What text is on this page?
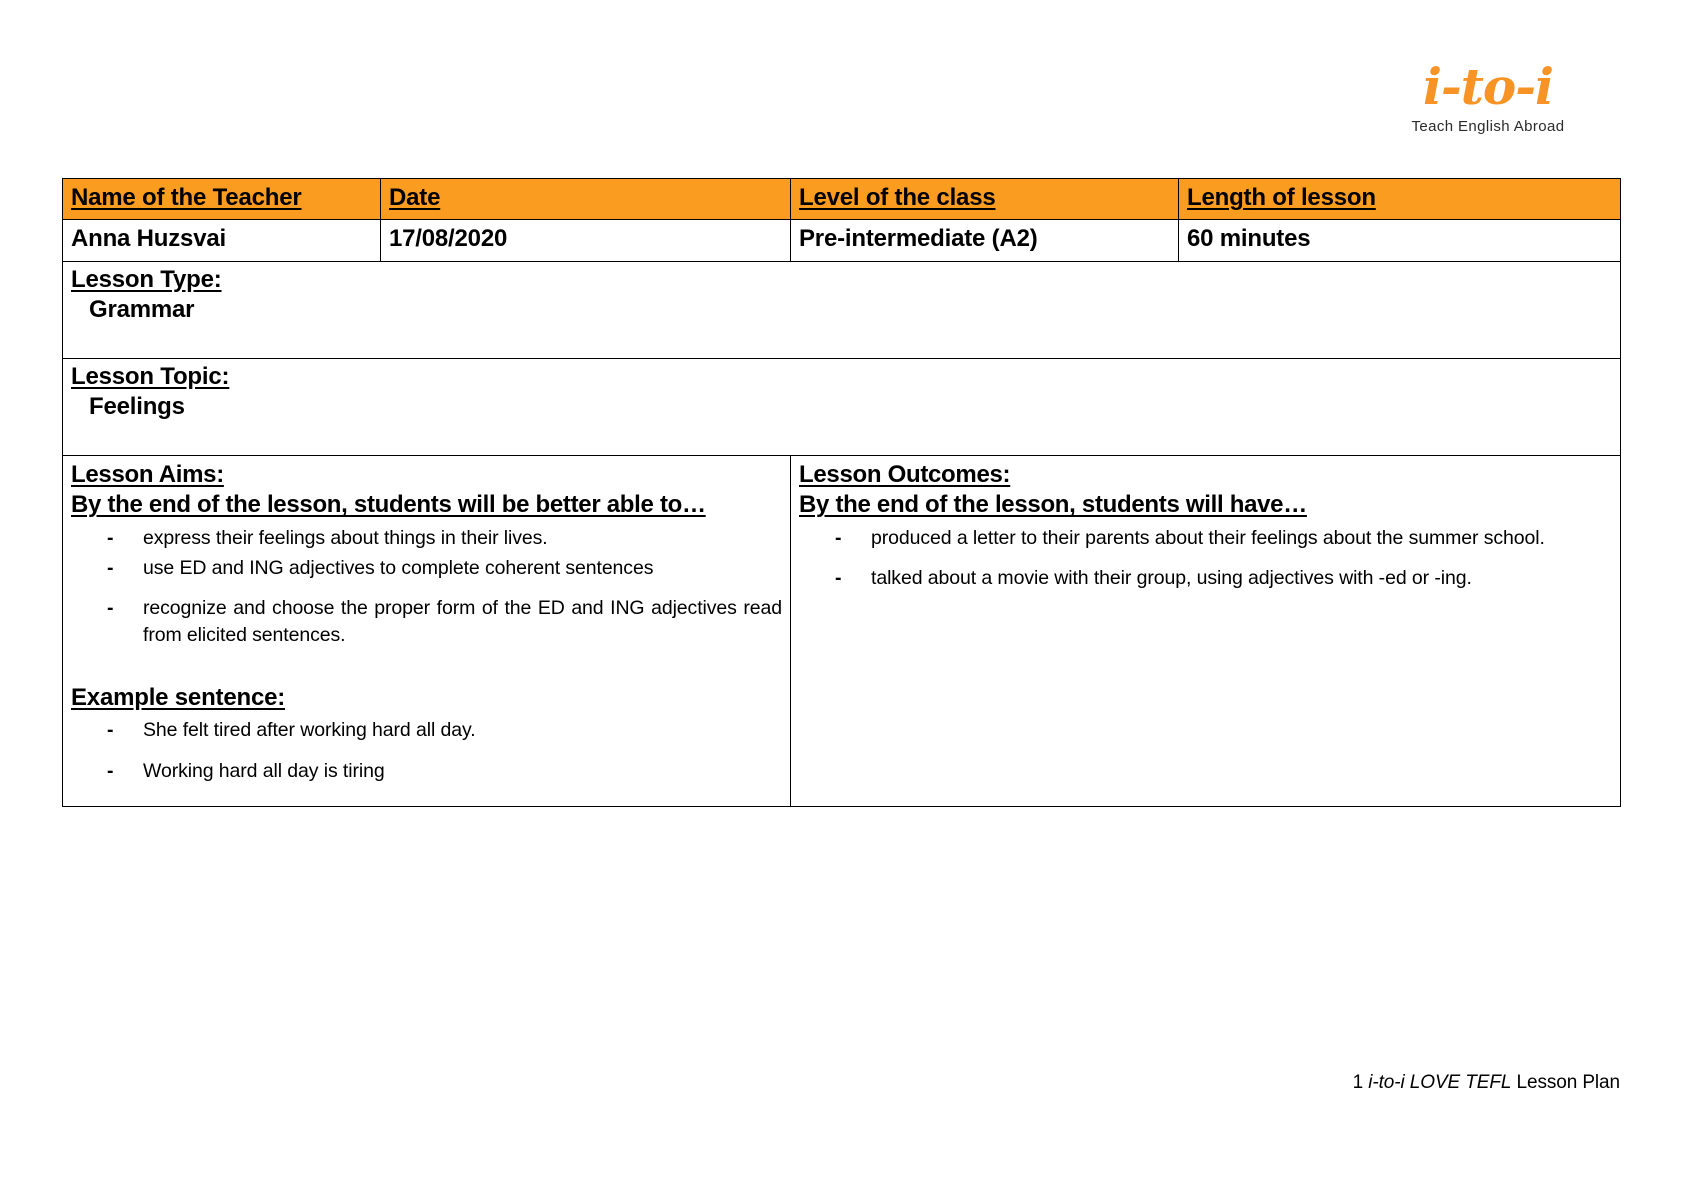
i-to-i
Teach English Abroad
Name of the Teacher	Date	Level of the class	Length of lesson
Anna Huzsvai	17/08/2020	Pre-intermediate (A2)	60 minutes
Lesson Type:
Grammar			

Lesson Topic:
Feelings			

Lesson Aims:
By the end of the lesson, students will be better able to…
- express their feelings about things in their lives.
- use ED and ING adjectives to complete coherent sentences
- recognize and choose the proper form of the ED and ING adjectives read from elicited sentences.
Example sentence:
- She felt tired after working hard all day.
- Working hard all day is tiring

Lesson Outcomes:
By the end of the lesson, students will have…
- produced a letter to their parents about their feelings about the summer school.
- talked about a movie with their group, using adjectives with -ed or -ing.
1 i-to-i LOVE TEFL Lesson Plan
